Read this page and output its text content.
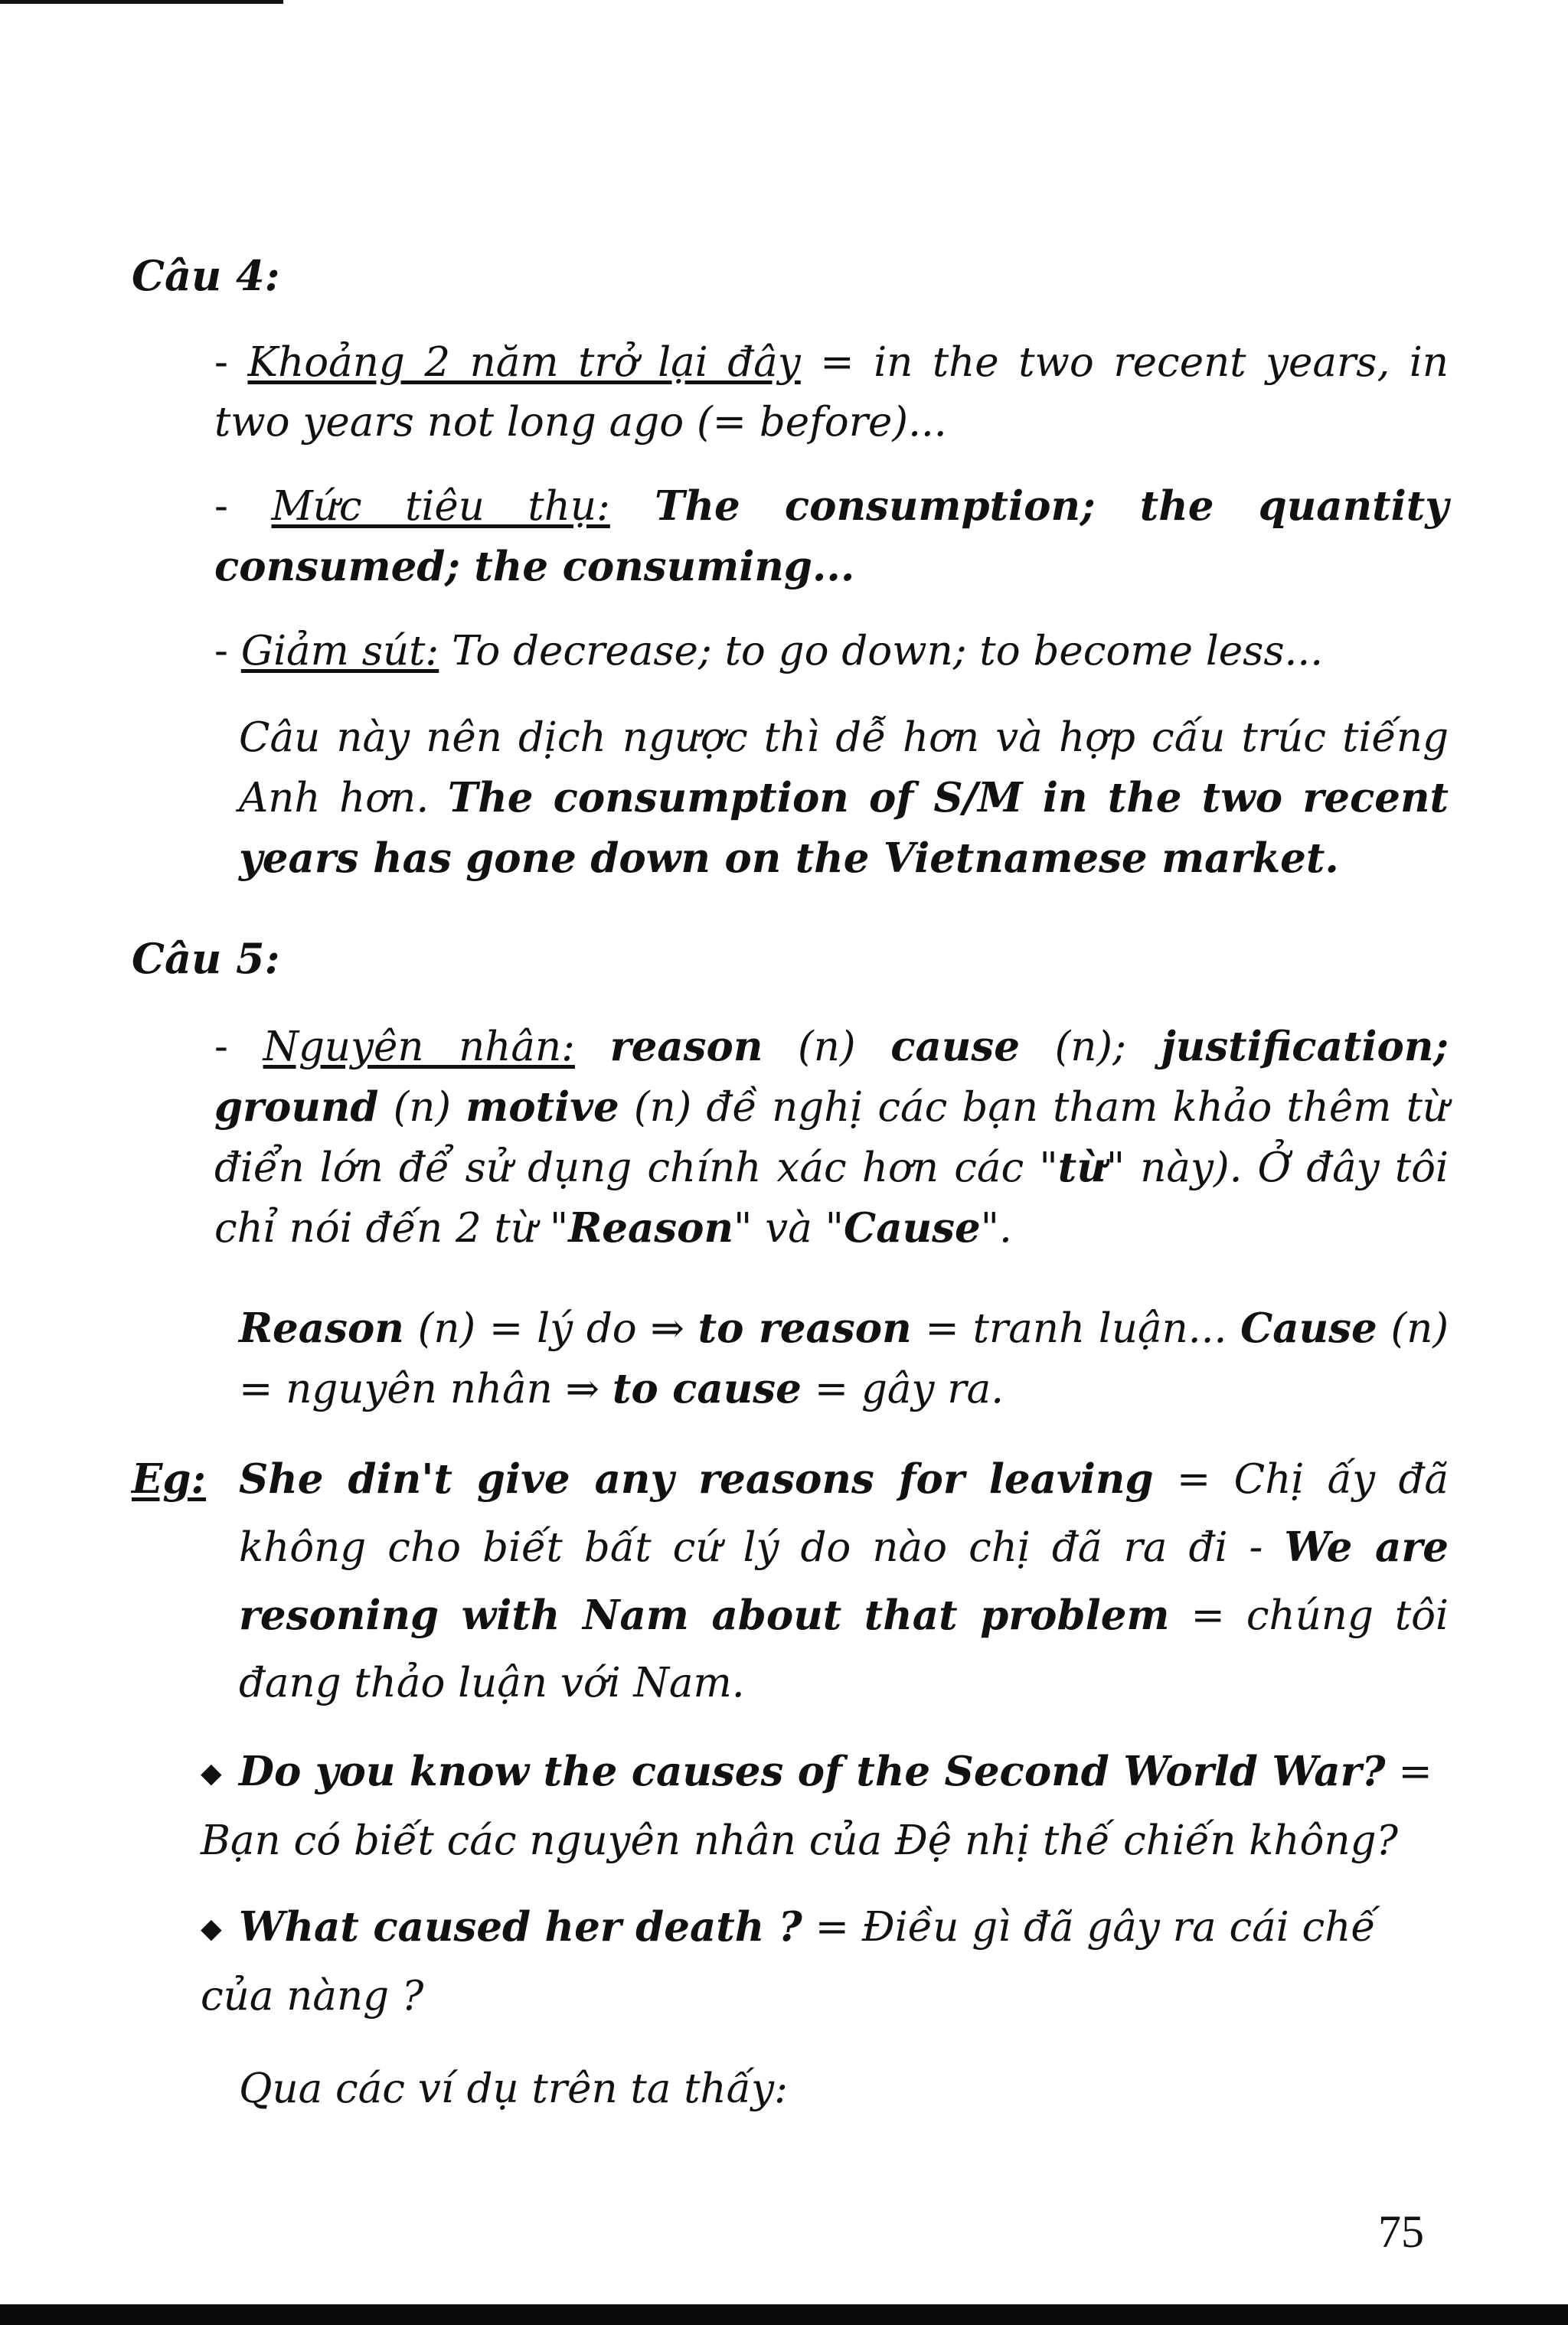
Câu 4:
- Khoảng 2 năm trở lại đây = in the two recent years, in two years not long ago (= before)...
- Mức tiêu thụ: The consumption; the quantity consumed; the consuming...
- Giảm sút: To decrease; to go down; to become less...
Câu này nên dịch ngược thì dễ hơn và hợp cấu trúc tiếng Anh hơn. The consumption of S/M in the two recent years has gone down on the Vietnamese market.
Câu 5:
- Nguyên nhân: reason (n) cause (n); justification; ground (n) motive (n) đề nghị các bạn tham khảo thêm từ điển lớn để sử dụng chính xác hơn các "từ" này). Ở đây tôi chỉ nói đến 2 từ "Reason" và "Cause".
Reason (n) = lý do ⇒ to reason = tranh luận... Cause (n) = nguyên nhân ⇒ to cause = gây ra.
Eg: She din't give any reasons for leaving = Chị ấy đã không cho biết bất cứ lý do nào chị đã ra đi - We are resoning with Nam about that problem = chúng tôi đang thảo luận với Nam.
◆ Do you know the causes of the Second World War? = Bạn có biết các nguyên nhân của Đệ nhị thế chiến không?
◆ What caused her death ? = Điều gì đã gây ra cái chế của nàng ?
Qua các ví dụ trên ta thấy:
75
